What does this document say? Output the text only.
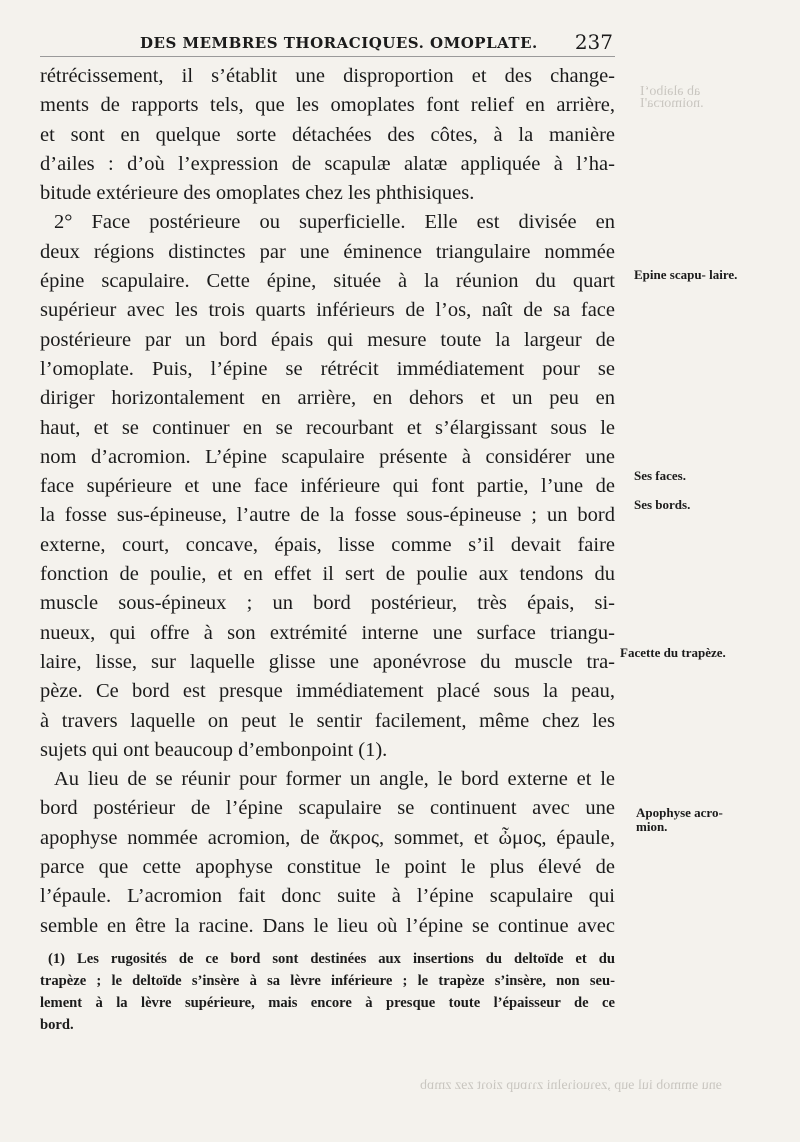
ab ələiboʻI
.noimorɔa'I
DES MEMBRES THORACIQUES. OMOPLATE. 237
rétrécissement, il s’établit une disproportion et des change-
ments de rapports tels, que les omoplates font relief en arrière,
et sont en quelque sorte détachées des côtes, à la manière
d’ailes : d’où l’expression de scapulæ alatæ appliquée à l’ha-
bitude extérieure des omoplates chez les phthisiques.
2° Face postérieure ou superficielle. Elle est divisée en
deux régions distinctes par une éminence triangulaire nommée
épine scapulaire. Cette épine, située à la réunion du quart
supérieur avec les trois quarts inférieurs de l’os, naît de sa face
postérieure par un bord épais qui mesure toute la largeur de
l’omoplate. Puis, l’épine se rétrécit immédiatement pour se
diriger horizontalement en arrière, en dehors et un peu en
haut, et se continuer en se recourbant et s’élargissant sous le
nom d’acromion. L’épine scapulaire présente à considérer une
face supérieure et une face inférieure qui font partie, l’une de
la fosse sus-épineuse, l’autre de la fosse sous-épineuse ; un bord
externe, court, concave, épais, lisse comme s’il devait faire
fonction de poulie, et en effet il sert de poulie aux tendons du
muscle sous-épineux ; un bord postérieur, très épais, si-
nueux, qui offre à son extrémité interne une surface triangu-
laire, lisse, sur laquelle glisse une aponévrose du muscle tra-
pèze. Ce bord est presque immédiatement placé sous la peau,
à travers laquelle on peut le sentir facilement, même chez les
sujets qui ont beaucoup d’embonpoint (1).
Au lieu de se réunir pour former un angle, le bord externe et le
bord postérieur de l’épine scapulaire se continuent avec une
apophyse nommée acromion, de ἄκρος, sommet, et ὦμος, épaule,
parce que cette apophyse constitue le point le plus élevé de
l’épaule. L’acromion fait donc suite à l’épine scapulaire qui
semble en être la racine. Dans le lieu où l’épine se continue avec
Epine scapu- laire.
Ses faces.
Ses bords.
Facette du trapèze.
Apophyse acro- mion.
(1) Les rugosités de ce bord sont destinées aux insertions du deltoïde et du
trapèze ; le deltoïde s’insère à sa lèvre inférieure ; le trapèze s’insère, non seu-
lement à la lèvre supérieure, mais encore à presque toute l’épaisseur de ce
bord.
ɘnu ɘmmob iul ɘup ,zɘɿuoiɿɘlni zɿɿɒup zioɿt zɘz zmɒb
